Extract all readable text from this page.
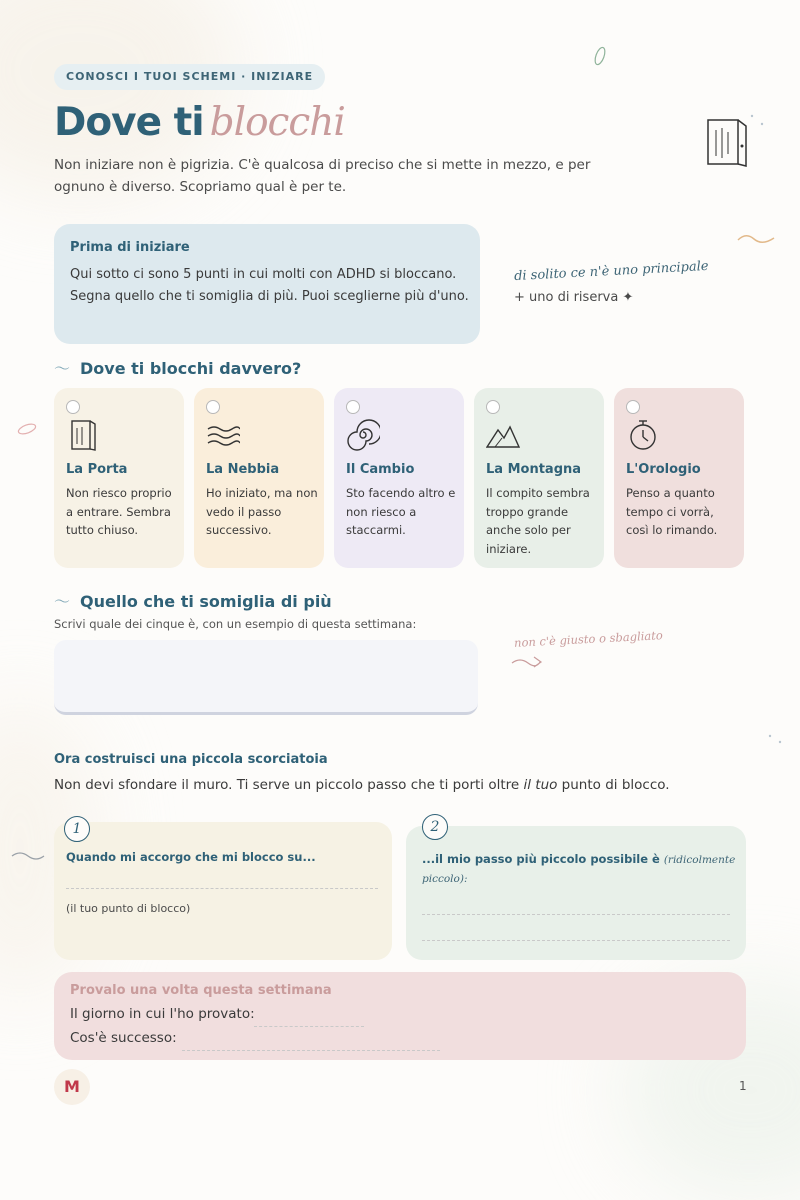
CONOSCI I TUOI SCHEMI · INIZIARE
Dove ti blocchi
Non iniziare non è pigrizia. C'è qualcosa di preciso che si mette in mezzo, e per ognuno è diverso. Scopriamo qual è per te.
Prima di iniziare

Qui sotto ci sono 5 punti in cui molti con ADHD si bloccano. Segna quello che ti somiglia di più. Puoi sceglierne più d'uno.

di solito ce n'è uno principale
+ uno di riserva ✦
～ Dove ti blocchi davvero?
La Porta
Non riesco proprio a entrare. Sembra tutto chiuso.
La Nebbia
Ho iniziato, ma non vedo il passo successivo.
Il Cambio
Sto facendo altro e non riesco a staccarmi.
La Montagna
Il compito sembra troppo grande anche solo per iniziare.
L'Orologio
Penso a quanto tempo ci vorrà, così lo rimando.
～ Quello che ti somiglia di più
Scrivi quale dei cinque è, con un esempio di questa settimana:
non c'è giusto o sbagliato
Ora costruisci una piccola scorciatoia
Non devi sfondare il muro. Ti serve un piccolo passo che ti porti oltre il tuo punto di blocco.
1
Quando mi accorgo che mi blocco su...
(il tuo punto di blocco)
2
...il mio passo più piccolo possibile è (ridicolmente piccolo):
Provalo una volta questa settimana
Il giorno in cui l'ho provato:
Cos'è successo:
M	1
